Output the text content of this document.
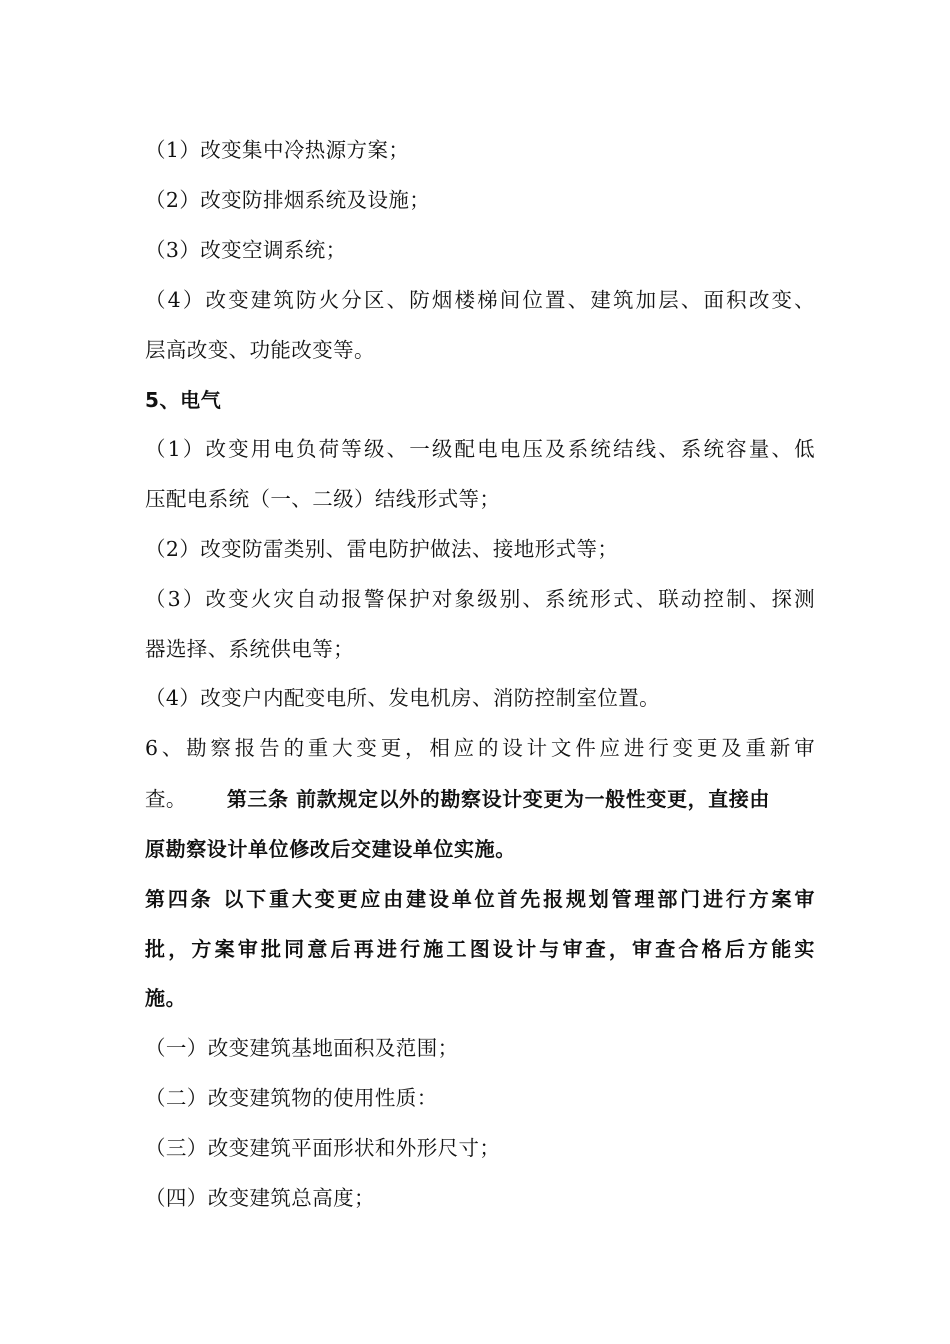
（1）改变集中冷热源方案；
（2）改变防排烟系统及设施；
（3）改变空调系统；
（4）改变建筑防火分区、防烟楼梯间位置、建筑加层、面积改变、
层高改变、功能改变等。
5、电气
（1）改变用电负荷等级、一级配电电压及系统结线、系统容量、低
压配电系统（一、二级）结线形式等；
（2）改变防雷类别、雷电防护做法、接地形式等；
（3）改变火灾自动报警保护对象级别、系统形式、联动控制、探测
器选择、系统供电等；
（4）改变户内配变电所、发电机房、消防控制室位置。
6、勘察报告的重大变更，相应的设计文件应进行变更及重新审
查。 第三条 前款规定以外的勘察设计变更为一般性变更，直接由
原勘察设计单位修改后交建设单位实施。
第四条 以下重大变更应由建设单位首先报规划管理部门进行方案审
批，方案审批同意后再进行施工图设计与审查，审查合格后方能实
施。
（一）改变建筑基地面积及范围；
（二）改变建筑物的使用性质：
（三）改变建筑平面形状和外形尺寸；
（四）改变建筑总高度；
